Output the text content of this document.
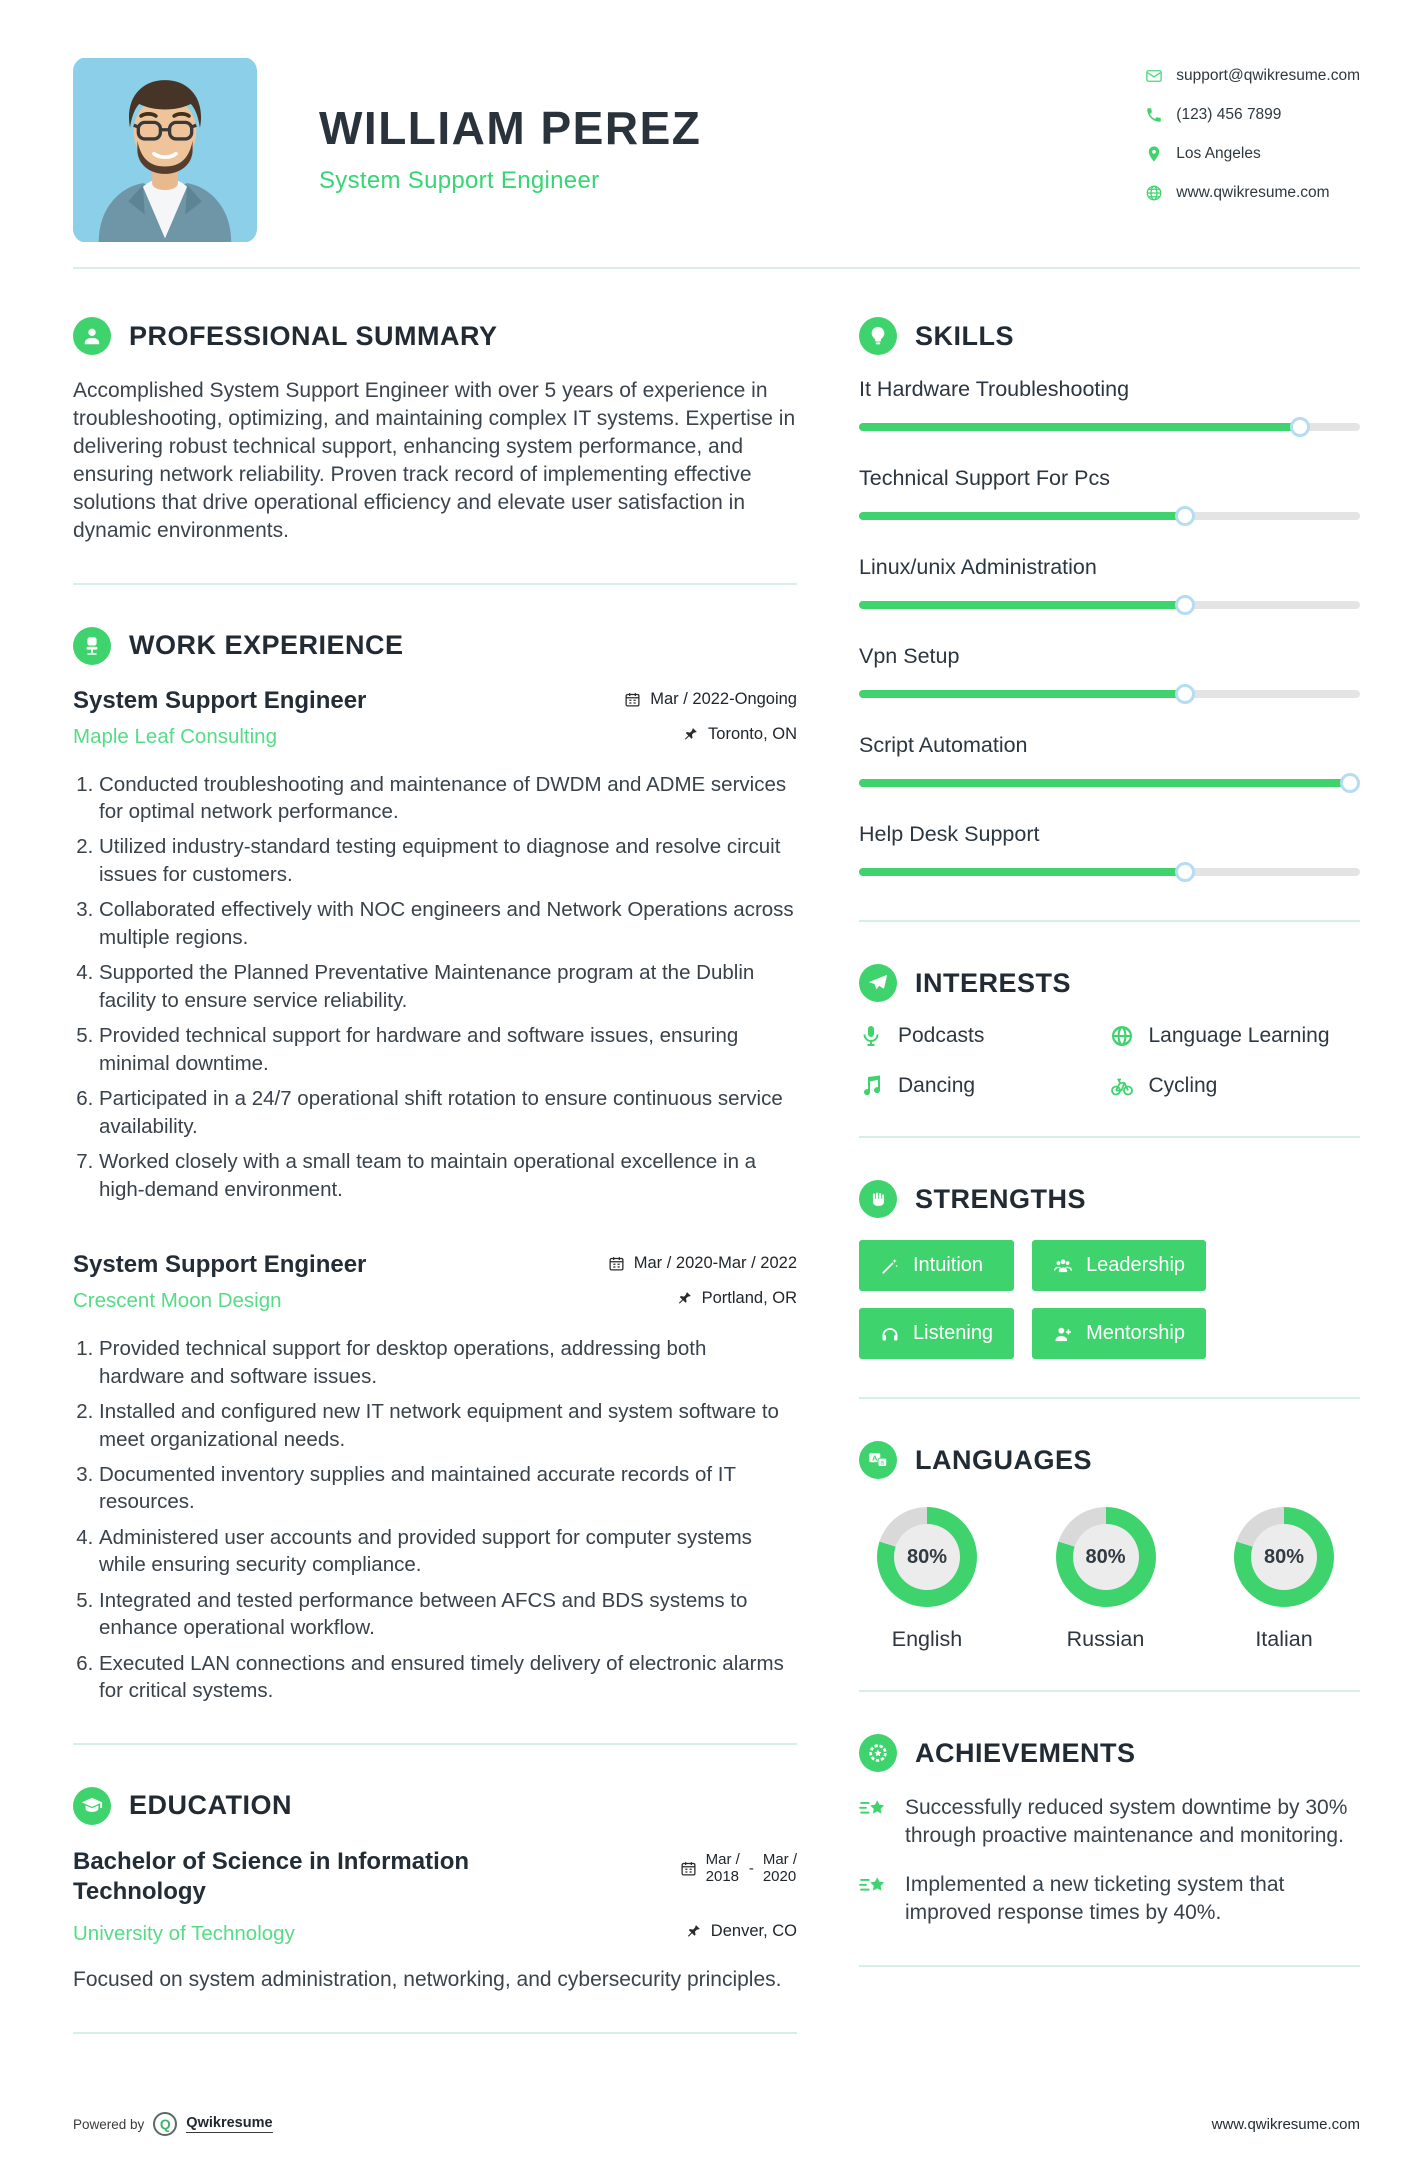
WILLIAM PEREZ
System Support Engineer
support@qwikresume.com
(123) 456 7899
Los Angeles
www.qwikresume.com
PROFESSIONAL SUMMARY

Accomplished System Support Engineer with over 5 years of experience in troubleshooting, optimizing, and maintaining complex IT systems. Expertise in delivering robust technical support, enhancing system performance, and ensuring network reliability. Proven track record of implementing effective solutions that drive operational efficiency and elevate user satisfaction in dynamic environments.

WORK EXPERIENCE
System Support Engineer	Mar / 2022-Ongoing
Maple Leaf Consulting	Toronto, ON
1. Conducted troubleshooting and maintenance of DWDM and ADME services for optimal network performance.
2. Utilized industry-standard testing equipment to diagnose and resolve circuit issues for customers.
3. Collaborated effectively with NOC engineers and Network Operations across multiple regions.
4. Supported the Planned Preventative Maintenance program at the Dublin facility to ensure service reliability.
5. Provided technical support for hardware and software issues, ensuring minimal downtime.
6. Participated in a 24/7 operational shift rotation to ensure continuous service availability.
7. Worked closely with a small team to maintain operational excellence in a high-demand environment.
System Support Engineer	Mar / 2020-Mar / 2022
Crescent Moon Design	Portland, OR
1. Provided technical support for desktop operations, addressing both hardware and software issues.
2. Installed and configured new IT network equipment and system software to meet organizational needs.
3. Documented inventory supplies and maintained accurate records of IT resources.
4. Administered user accounts and provided support for computer systems while ensuring security compliance.
5. Integrated and tested performance between AFCS and BDS systems to enhance operational workflow.
6. Executed LAN connections and ensured timely delivery of electronic alarms for critical systems.
EDUCATION
Bachelor of Science in Information Technology
Mar /
2018 -
Mar /
2020
University of Technology	Denver, CO

Focused on system administration, networking, and cybersecurity principles.

SKILLS
It Hardware Troubleshooting
Technical Support For Pcs
Linux/unix Administration
Vpn Setup
Script Automation
Help Desk Support
INTERESTS
Podcasts	Language Learning
Dancing	Cycling
STRENGTHS
Intuition	Leadership
Listening	Mentorship
A
a LANGUAGES
80%
English
80%
Russian
80%
Italian
ACHIEVEMENTS
Successfully reduced system downtime by 30% through proactive maintenance and monitoring.
Implemented a new ticketing system that improved response times by 40%.
Powered by	Q	Qwikresume	www.qwikresume.com
